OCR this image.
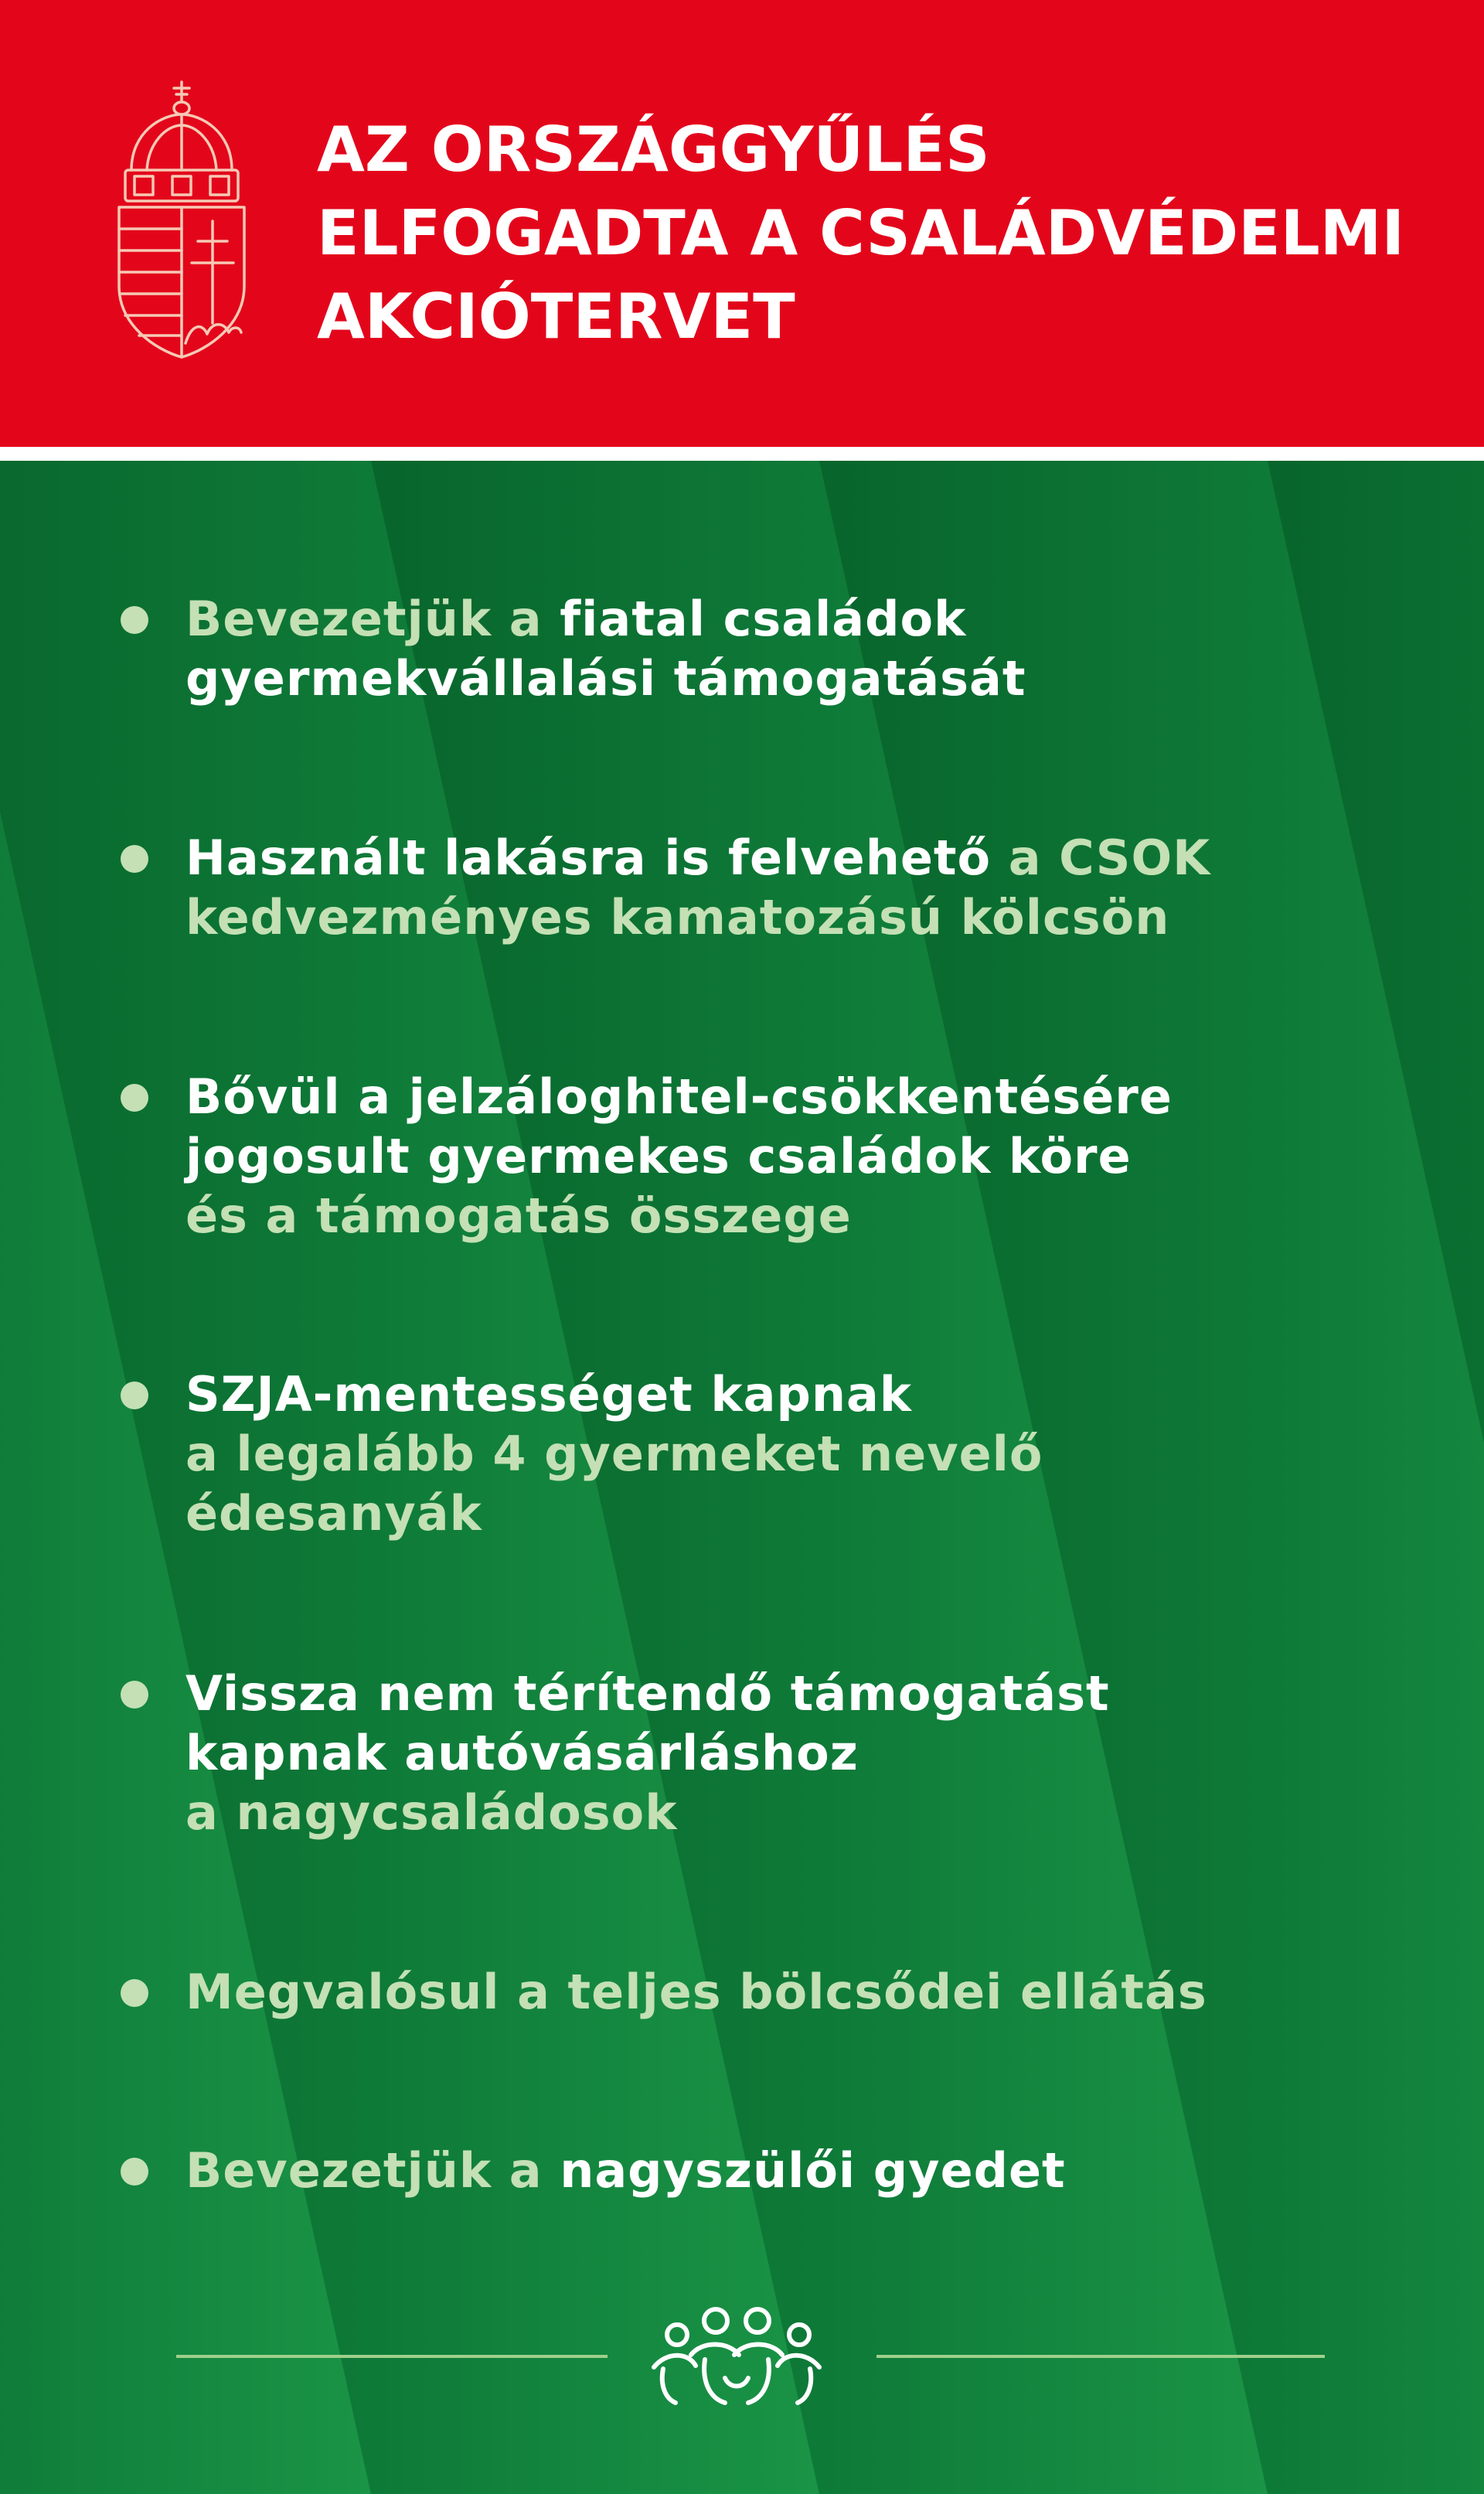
AZ ORSZÁGGYŰLÉS
ELFOGADTA A CSALÁDVÉDELMI
AKCIÓTERVET
Bevezetjük a fiatal családok
gyermekvállalási támogatását
Használt lakásra is felvehető a CSOK
kedvezményes kamatozású kölcsön
Bővül a jelzáloghitel-csökkentésére
jogosult gyermekes családok köre
és a támogatás összege
SZJA-mentességet kapnak
a legalább 4 gyermeket nevelő
édesanyák
Vissza nem térítendő támogatást
kapnak autóvásárláshoz
a nagycsaládosok
Megvalósul a teljes bölcsődei ellátás
Bevezetjük a nagyszülői gyedet
